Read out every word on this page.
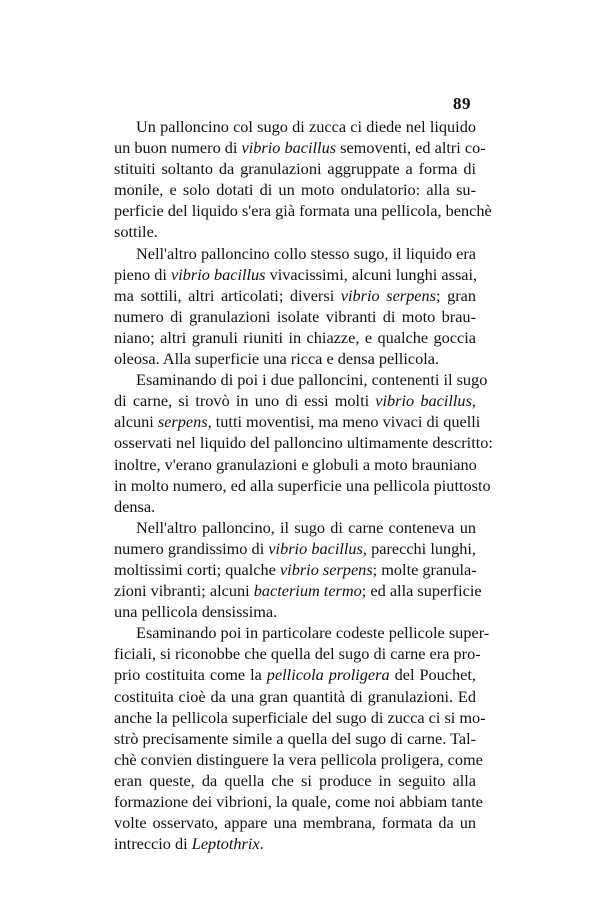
89
Un palloncino col sugo di zucca ci diede nel liquido
un buon numero di vibrio bacillus semoventi, ed altri co-
stituiti soltanto da granulazioni aggruppate a forma di
monile, e solo dotati di un moto ondulatorio: alla su-
perficie del liquido s'era già formata una pellicola, benchè
sottile.
Nell'altro palloncino collo stesso sugo, il liquido era
pieno di vibrio bacillus vivacissimi, alcuni lunghi assai,
ma sottili, altri articolati; diversi vibrio serpens; gran
numero di granulazioni isolate vibranti di moto brau-
niano; altri granuli riuniti in chiazze, e qualche goccia
oleosa. Alla superficie una ricca e densa pellicola.
Esaminando di poi i due palloncini, contenenti il sugo
di carne, si trovò in uno di essi molti vibrio bacillus,
alcuni serpens, tutti moventisi, ma meno vivaci di quelli
osservati nel liquido del palloncino ultimamente descritto:
inoltre, v'erano granulazioni e globuli a moto brauniano
in molto numero, ed alla superficie una pellicola piuttosto
densa.
Nell'altro palloncino, il sugo di carne conteneva un
numero grandissimo di vibrio bacillus, parecchi lunghi,
moltissimi corti; qualche vibrio serpens; molte granula-
zioni vibranti; alcuni bacterium termo; ed alla superficie
una pellicola densissima.
Esaminando poi in particolare codeste pellicole super-
ficiali, si riconobbe che quella del sugo di carne era pro-
prio costituita come la pellicola proligera del Pouchet,
costituita cioè da una gran quantità di granulazioni. Ed
anche la pellicola superficiale del sugo di zucca ci si mo-
strò precisamente simile a quella del sugo di carne. Tal-
chè convien distinguere la vera pellicola proligera, come
eran queste, da quella che si produce in seguito alla
formazione dei vibrioni, la quale, come noi abbiam tante
volte osservato, appare una membrana, formata da un
intreccio di Leptothrix.
